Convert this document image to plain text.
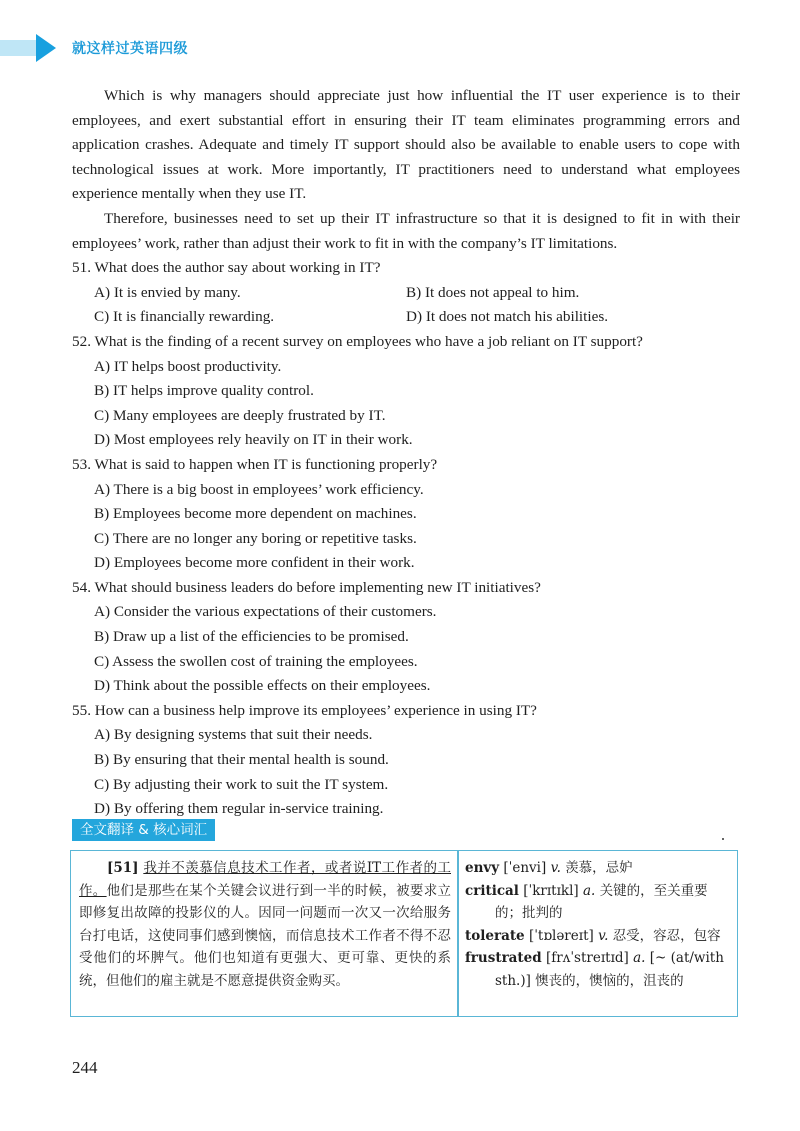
就这样过英语四级

Which is why managers should appreciate just how influential the IT user experience is to their employees, and exert substantial effort in ensuring their IT team eliminates programming errors and application crashes. Adequate and timely IT support should also be available to enable users to cope with technological issues at work. More importantly, IT practitioners need to understand what employees experience mentally when they use IT.

Therefore, businesses need to set up their IT infrastructure so that it is designed to fit in with their employees’ work, rather than adjust their work to fit in with the company’s IT limitations.

51. What does the author say about working in IT?
A) It is envied by many.	B) It does not appeal to him.
C) It is financially rewarding.	D) It does not match his abilities.
52. What is the finding of a recent survey on employees who have a job reliant on IT support?
A) IT helps boost productivity.
B) IT helps improve quality control.
C) Many employees are deeply frustrated by IT.
D) Most employees rely heavily on IT in their work.
53. What is said to happen when IT is functioning properly?
A) There is a big boost in employees’ work efficiency.
B) Employees become more dependent on machines.
C) There are no longer any boring or repetitive tasks.
D) Employees become more confident in their work.
54. What should business leaders do before implementing new IT initiatives?
A) Consider the various expectations of their customers.
B) Draw up a list of the efficiencies to be promised.
C) Assess the swollen cost of training the employees.
D) Think about the possible effects on their employees.
55. How can a business help improve its employees’ experience in using IT?
A) By designing systems that suit their needs.
B) By ensuring that their mental health is sound.
C) By adjusting their work to suit the IT system.
D) By offering them regular in-service training.
全文翻译 & 核心词汇
[51] 我并不羡慕信息技术工作者，或者说IT工作者的工作。他们是那些在某个关键会议进行到一半的时候，被要求立即修复出故障的投影仪的人。因同一问题而一次又一次给服务台打电话，这使同事们感到懊恼，而信息技术工作者不得不忍受他们的坏脾气。他们也知道有更强大、更可靠、更快的系统，但他们的雇主就是不愿意提供资金购买。
envy [ˈenvi] v. 羡慕，忌妒
critical [ˈkrɪtɪkl] a. 关键的，至关重要
的；批判的
tolerate [ˈtɒləreɪt] v. 忍受，容忍，包容
frustrated [frʌˈstreɪtɪd] a. [~ (at/with
sth.)] 懊丧的，懊恼的，沮丧的
244
